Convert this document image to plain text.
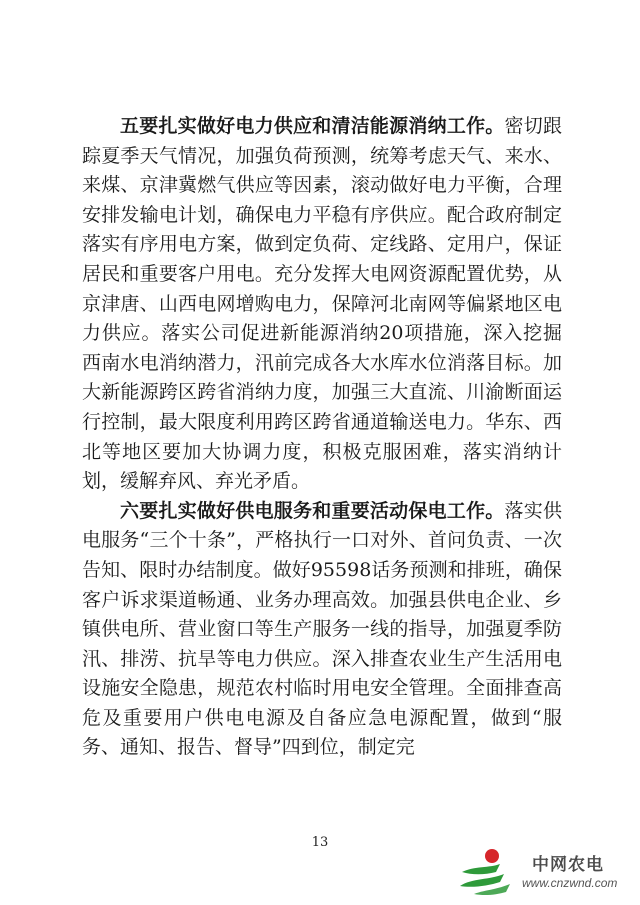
五要扎实做好电力供应和清洁能源消纳工作。密切跟踪夏季天气情况，加强负荷预测，统筹考虑天气、来水、来煤、京津冀燃气供应等因素，滚动做好电力平衡，合理安排发输电计划，确保电力平稳有序供应。配合政府制定落实有序用电方案，做到定负荷、定线路、定用户，保证居民和重要客户用电。充分发挥大电网资源配置优势，从京津唐、山西电网增购电力，保障河北南网等偏紧地区电力供应。落实公司促进新能源消纳20项措施，深入挖掘西南水电消纳潜力，汛前完成各大水库水位消落目标。加大新能源跨区跨省消纳力度，加强三大直流、川渝断面运行控制，最大限度利用跨区跨省通道输送电力。华东、西北等地区要加大协调力度，积极克服困难，落实消纳计划，缓解弃风、弃光矛盾。

六要扎实做好供电服务和重要活动保电工作。落实供电服务“三个十条”，严格执行一口对外、首问负责、一次告知、限时办结制度。做好95598话务预测和排班，确保客户诉求渠道畅通、业务办理高效。加强县供电企业、乡镇供电所、营业窗口等生产服务一线的指导，加强夏季防汛、排涝、抗旱等电力供应。深入排查农业生产生活用电设施安全隐患，规范农村临时用电安全管理。全面排查高危及重要用户供电电源及自备应急电源配置，做到“服务、通知、报告、督导”四到位，制定完

13
中网农电
www.cnzwnd.com
